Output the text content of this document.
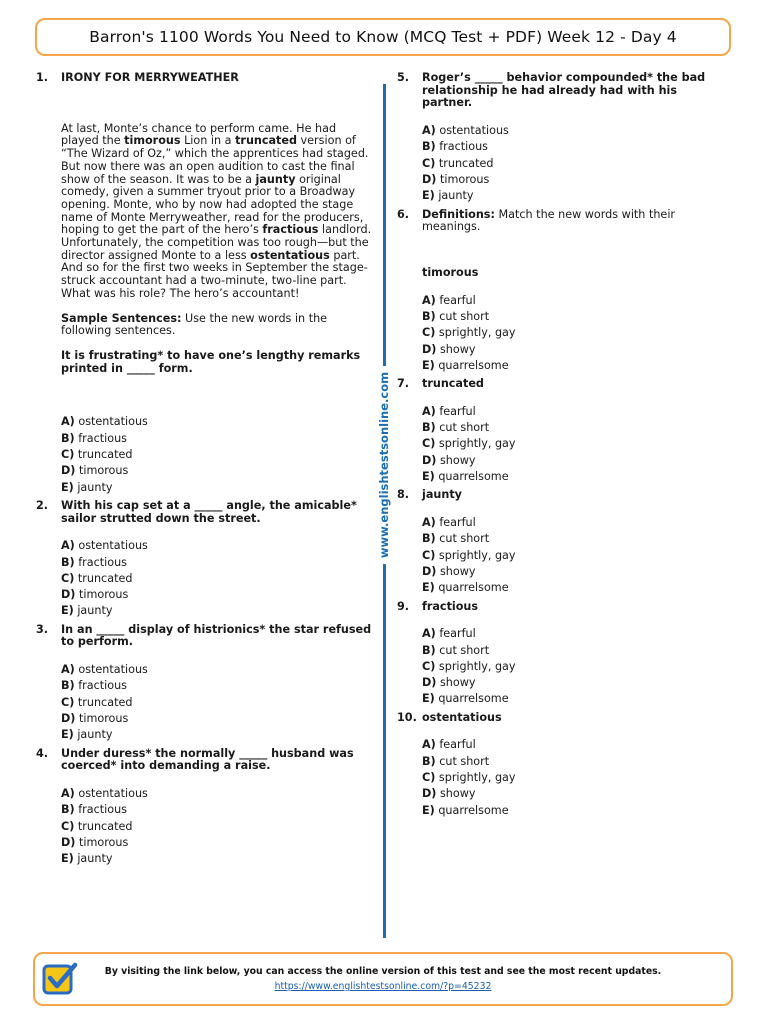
Barron's 1100 Words You Need to Know (MCQ Test + PDF) Week 12 - Day 4
1.	IRONY FOR MERRYWEATHER

At last, Monte’s chance to perform came. He had played the timorous Lion in a truncated version of “The Wizard of Oz,” which the apprentices had staged. But now there was an open audition to cast the final show of the season. It was to be a jaunty original comedy, given a summer tryout prior to a Broadway opening. Monte, who by now had adopted the stage name of Monte Merryweather, read for the producers, hoping to get the part of the hero’s fractious landlord. Unfortunately, the competition was too rough—but the director assigned Monte to a less ostentatious part. And so for the first two weeks in September the stage-struck accountant had a two-minute, two-line part. What was his role? The hero’s accountant!

Sample Sentences: Use the new words in the following sentences.

It is frustrating* to have one’s lengthy remarks printed in _____ form.
A) ostentatious
B) fractious
C) truncated
D) timorous
E) jaunty
2.	With his cap set at a _____ angle, the amicable* sailor strutted down the street.
A) ostentatious
B) fractious
C) truncated
D) timorous
E) jaunty
3.	In an _____ display of histrionics* the star refused to perform.
A) ostentatious
B) fractious
C) truncated
D) timorous
E) jaunty
4.	Under duress* the normally _____ husband was coerced* into demanding a raise.
A) ostentatious
B) fractious
C) truncated
D) timorous
E) jaunty
www.englishtestsonline.com
5.	Roger’s _____ behavior compounded* the bad relationship he had already had with his partner.
A) ostentatious
B) fractious
C) truncated
D) timorous
E) jaunty
6.	Definitions: Match the new words with their meanings.
timorous
A) fearful
B) cut short
C) sprightly, gay
D) showy
E) quarrelsome
7.	truncated
A) fearful
B) cut short
C) sprightly, gay
D) showy
E) quarrelsome
8.	jaunty
A) fearful
B) cut short
C) sprightly, gay
D) showy
E) quarrelsome
9.	fractious
A) fearful
B) cut short
C) sprightly, gay
D) showy
E) quarrelsome
10. ostentatious
A) fearful
B) cut short
C) sprightly, gay
D) showy
E) quarrelsome
By visiting the link below, you can access the online version of this test and see the most recent updates.
https://www.englishtestsonline.com/?p=45232
